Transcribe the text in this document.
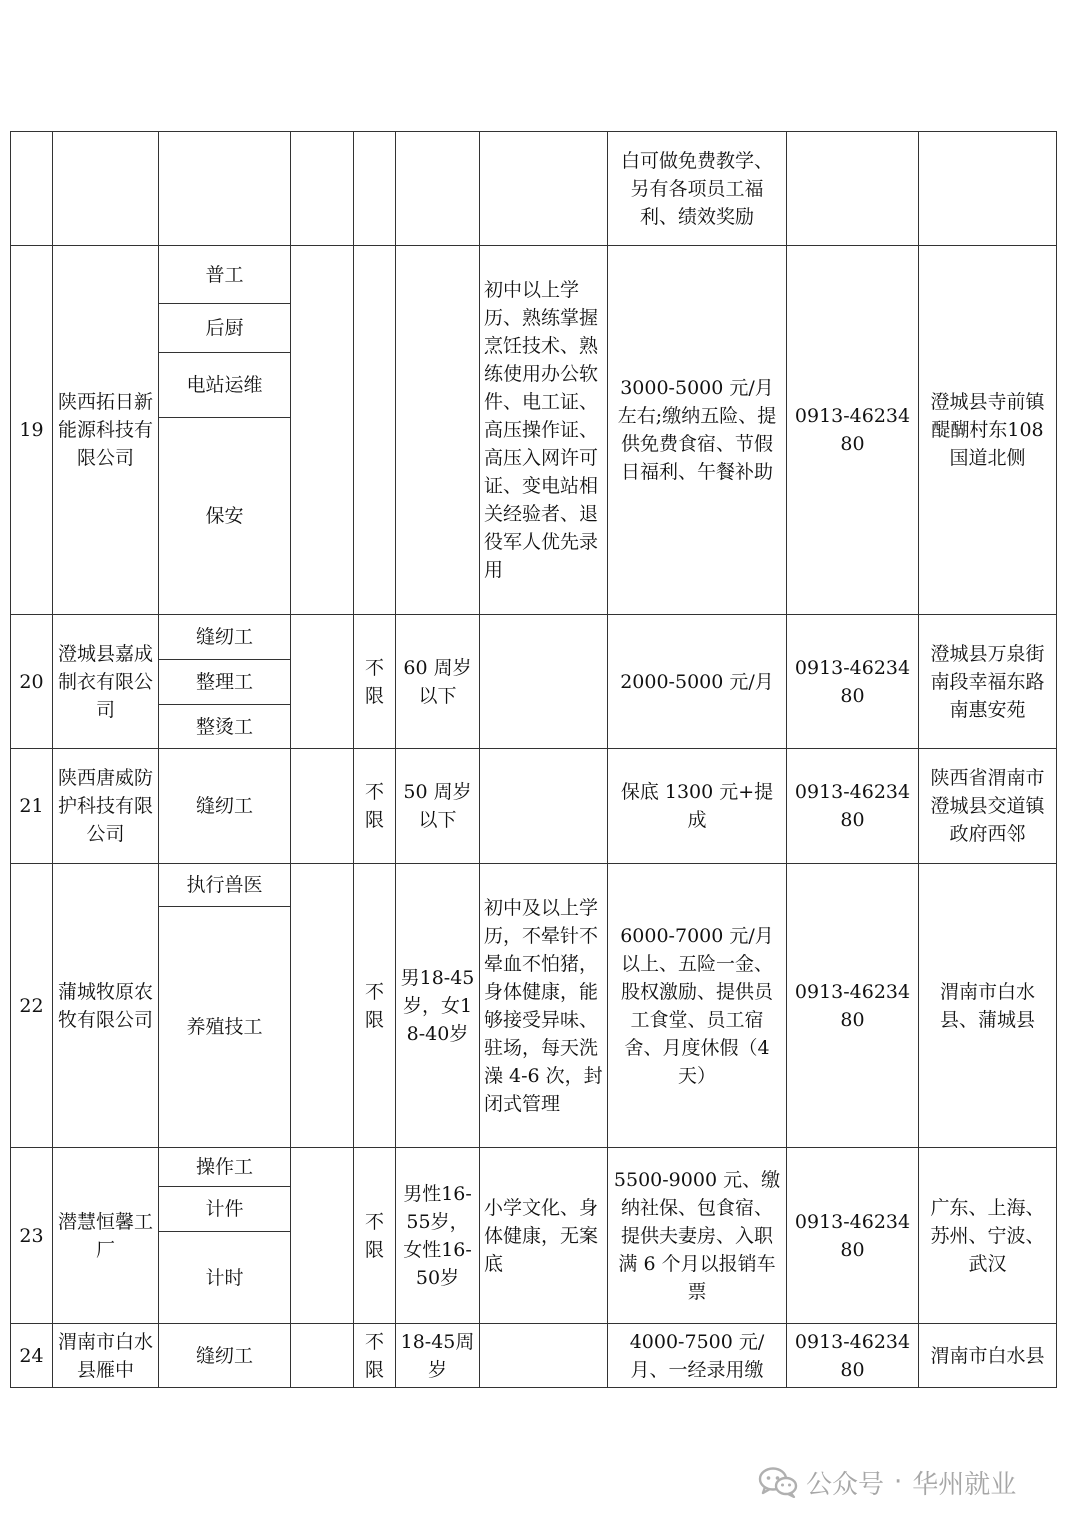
							白可做免费教学、另有各项员工福利、绩效奖励		
19	陕西拓日新能源科技有限公司	普工				初中以上学历、熟练掌握烹饪技术、熟练使用办公软件、电工证、高压操作证、高压入网许可证、变电站相关经验者、退役军人优先录用	3000-5000 元/月左右;缴纳五险、提供免费食宿、节假日福利、午餐补助	0913-4623480	澄城县寺前镇醍醐村东108 国道北侧
		后厨							
		电站运维							
		保安							
20	澄城县嘉成制衣有限公司	缝纫工		不限	60 周岁以下		2000-5000 元/月	0913-4623480	澄城县万泉街南段幸福东路南惠安苑
		整理工							
		整烫工							
21	陕西唐威防护科技有限公司	缝纫工		不限	50 周岁以下		保底 1300 元+提成	0913-4623480	陕西省渭南市澄城县交道镇政府西邻
22	蒲城牧原农牧有限公司	执行兽医		不限	男18-45岁，女18-40岁	初中及以上学历，不晕针不晕血不怕猪，身体健康，能够接受异味、驻场，每天洗澡 4-6 次，封闭式管理	6000-7000 元/月以上、五险一金、股权激励、提供员工食堂、员工宿舍、月度休假（4 天）	0913-4623480	渭南市白水县、蒲城县
		养殖技工							
23	潜慧恒馨工厂	操作工		不限	男性16-55岁，女性16-50岁	小学文化、身体健康，无案底	5500-9000 元、缴纳社保、包食宿、提供夫妻房、入职满 6 个月以报销车票	0913-4623480	广东、上海、苏州、宁波、武汉
		计件							
		计时							
24	渭南市白水县雁中	缝纫工		不限	18-45周岁		4000-7500 元/月、一经录用缴	0913-4623480	渭南市白水县
公众号 · 华州就业
